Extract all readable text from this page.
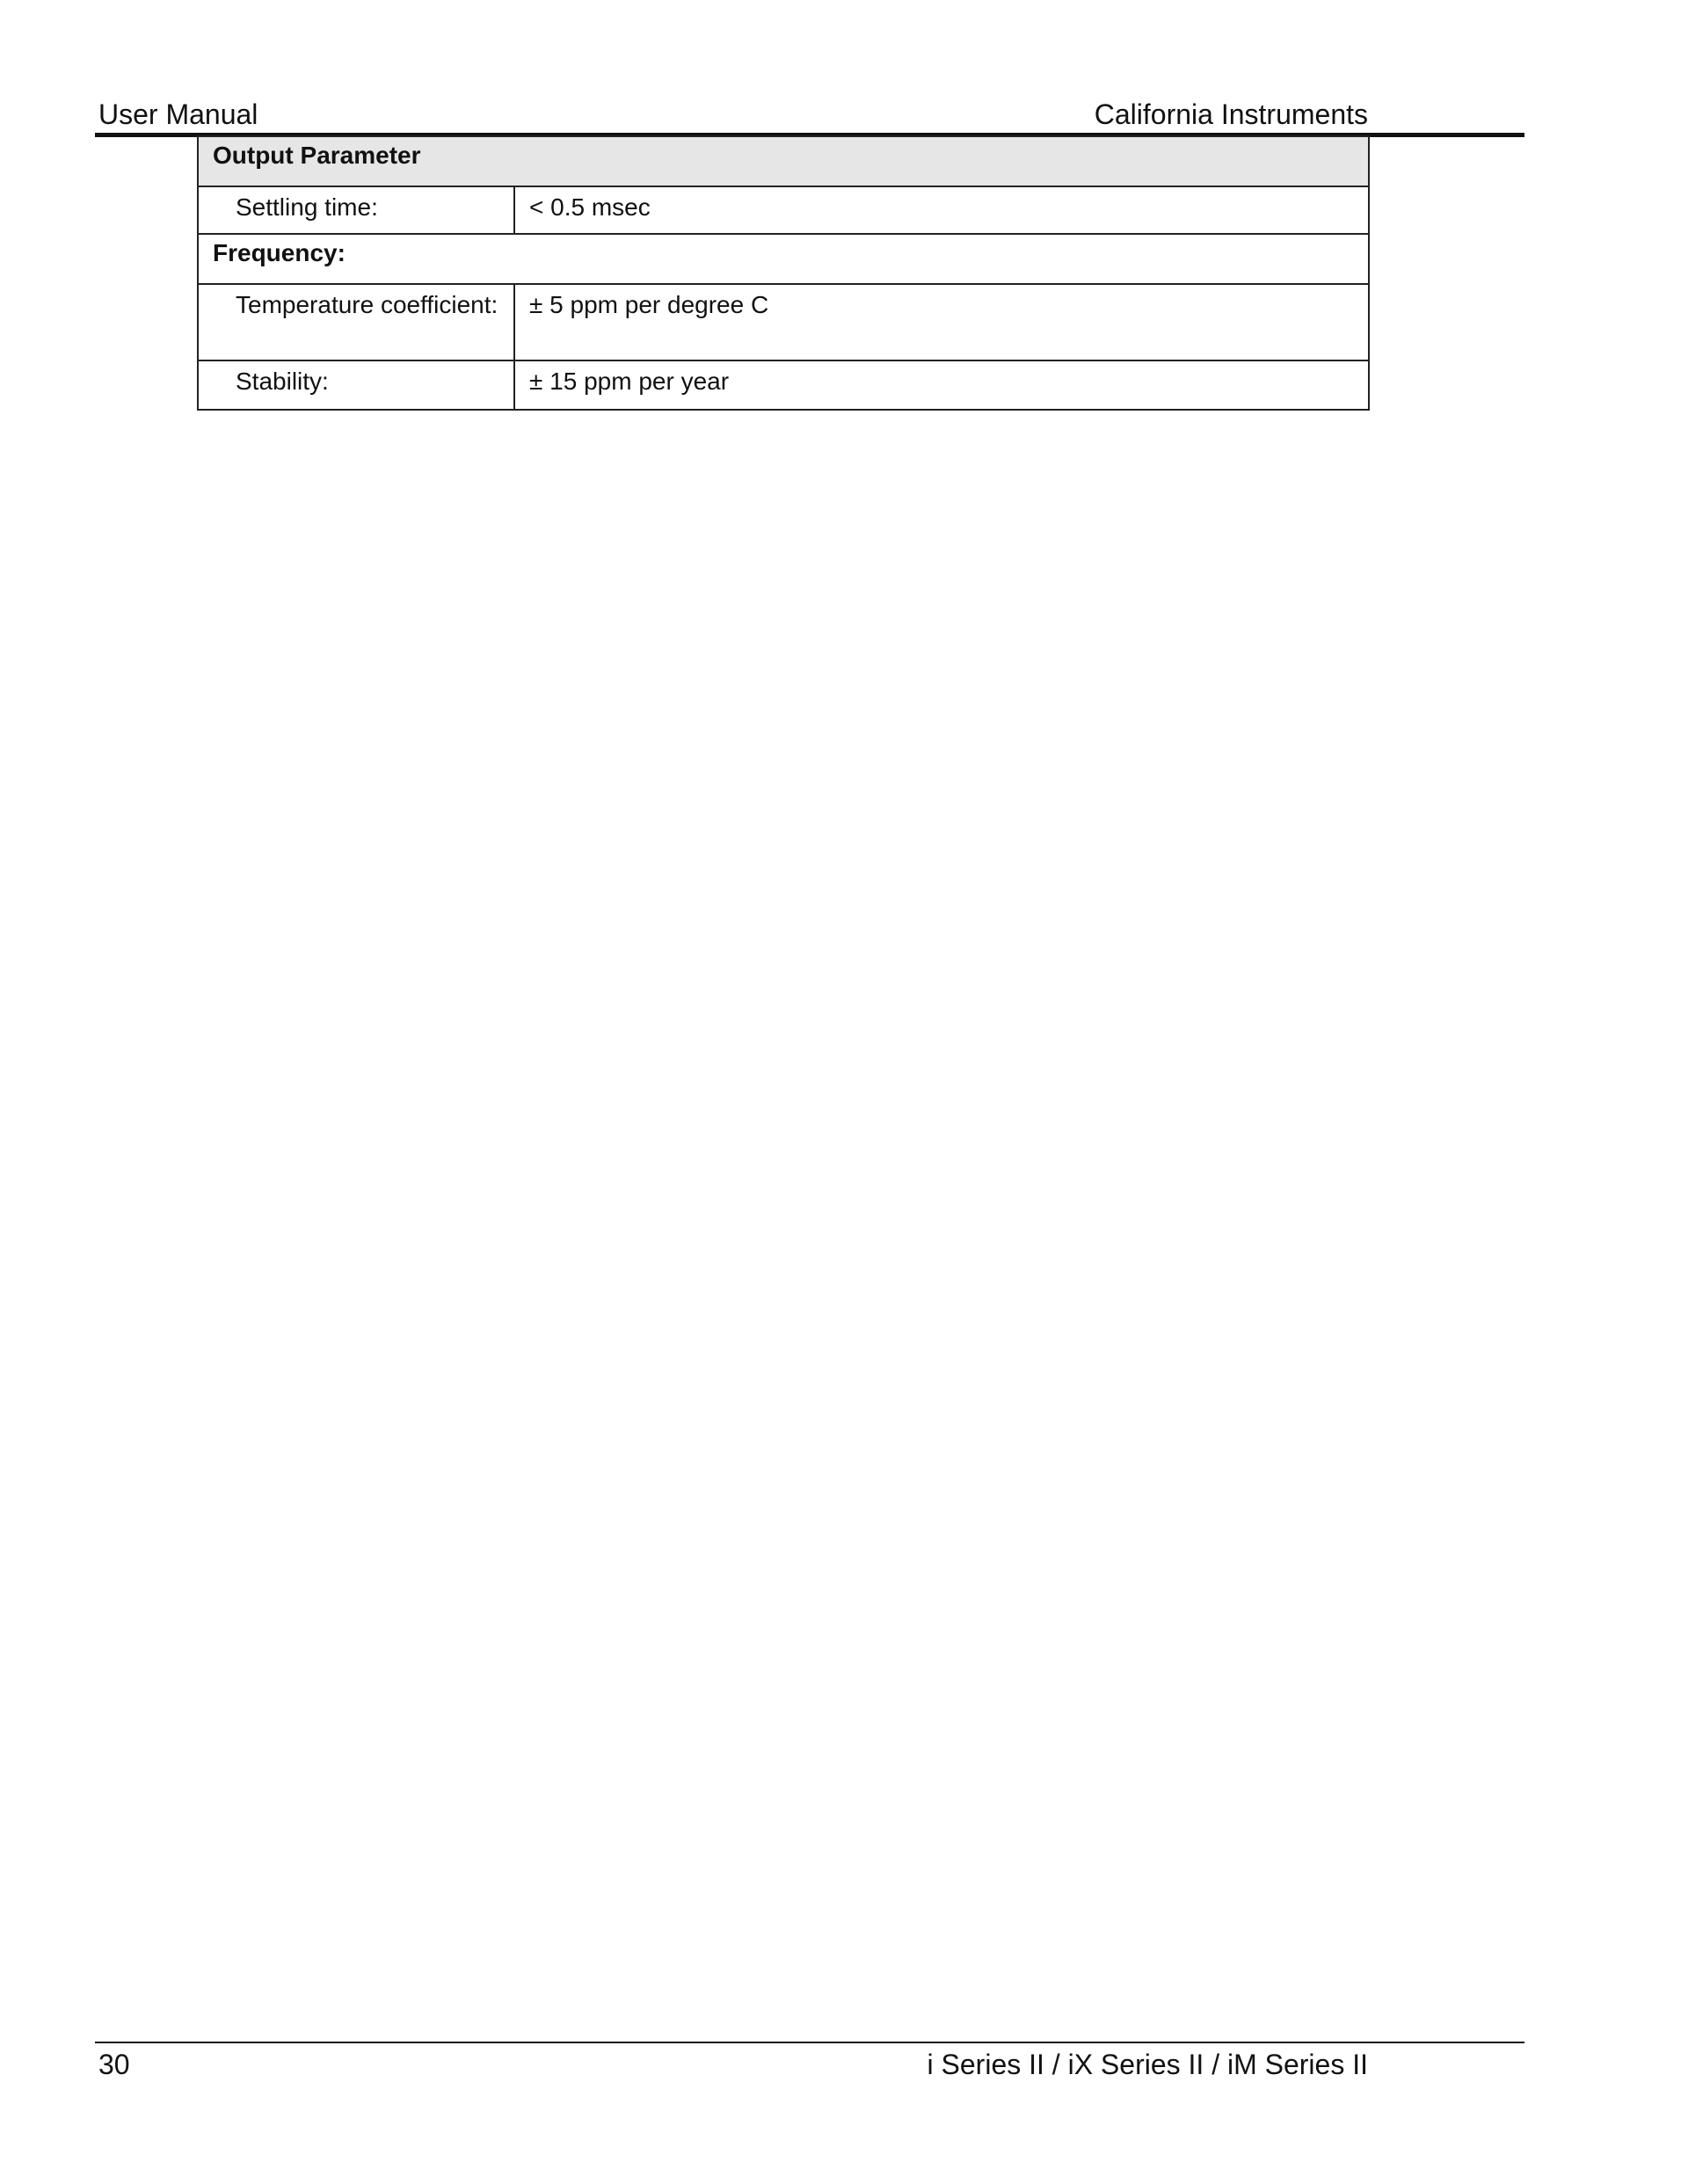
User Manual	California Instruments
Output Parameter	
Settling time:	< 0.5 msec
Frequency:	
Temperature coefficient:	± 5 ppm per degree C
Stability:	± 15 ppm per year
30	i Series II / iX Series II / iM Series II
